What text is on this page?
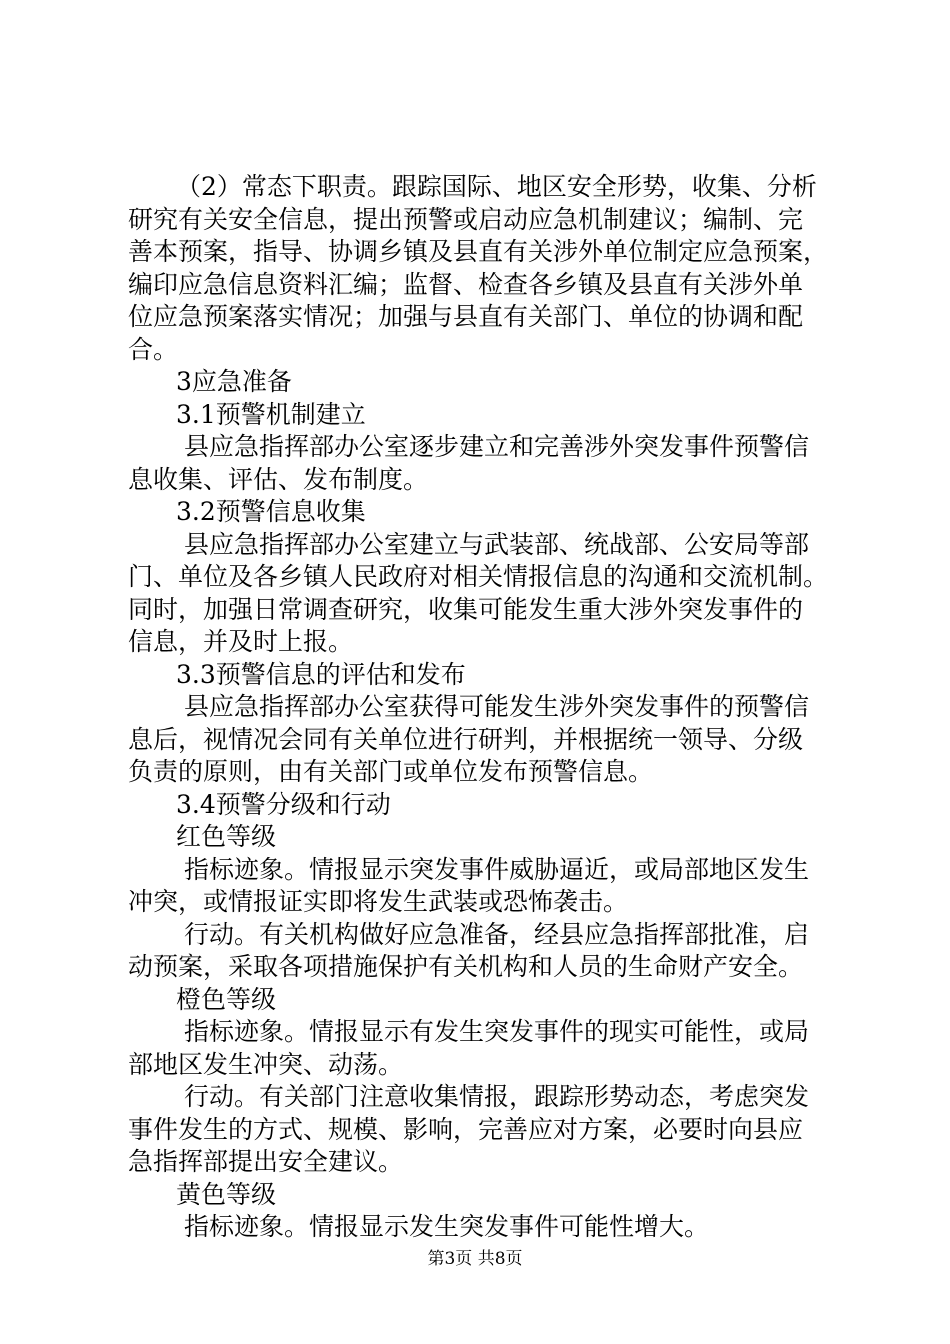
（2）常态下职责。跟踪国际、地区安全形势，收集、分析

研究有关安全信息，提出预警或启动应急机制建议；编制、完

善本预案，指导、协调乡镇及县直有关涉外单位制定应急预案，

编印应急信息资料汇编；监督、检查各乡镇及县直有关涉外单

位应急预案落实情况；加强与县直有关部门、单位的协调和配

合。

3应急准备

3.1预警机制建立

县应急指挥部办公室逐步建立和完善涉外突发事件预警信

息收集、评估、发布制度。

3.2预警信息收集

县应急指挥部办公室建立与武装部、统战部、公安局等部

门、单位及各乡镇人民政府对相关情报信息的沟通和交流机制。

同时，加强日常调查研究，收集可能发生重大涉外突发事件的

信息，并及时上报。

3.3预警信息的评估和发布

县应急指挥部办公室获得可能发生涉外突发事件的预警信

息后，视情况会同有关单位进行研判，并根据统一领导、分级

负责的原则，由有关部门或单位发布预警信息。

3.4预警分级和行动

红色等级

指标迹象。情报显示突发事件威胁逼近，或局部地区发生

冲突，或情报证实即将发生武装或恐怖袭击。

行动。有关机构做好应急准备，经县应急指挥部批准，启

动预案，采取各项措施保护有关机构和人员的生命财产安全。

橙色等级

指标迹象。情报显示有发生突发事件的现实可能性，或局

部地区发生冲突、动荡。

行动。有关部门注意收集情报，跟踪形势动态，考虑突发

事件发生的方式、规模、影响，完善应对方案，必要时向县应

急指挥部提出安全建议。

黄色等级

指标迹象。情报显示发生突发事件可能性增大。

第3页 共8页
